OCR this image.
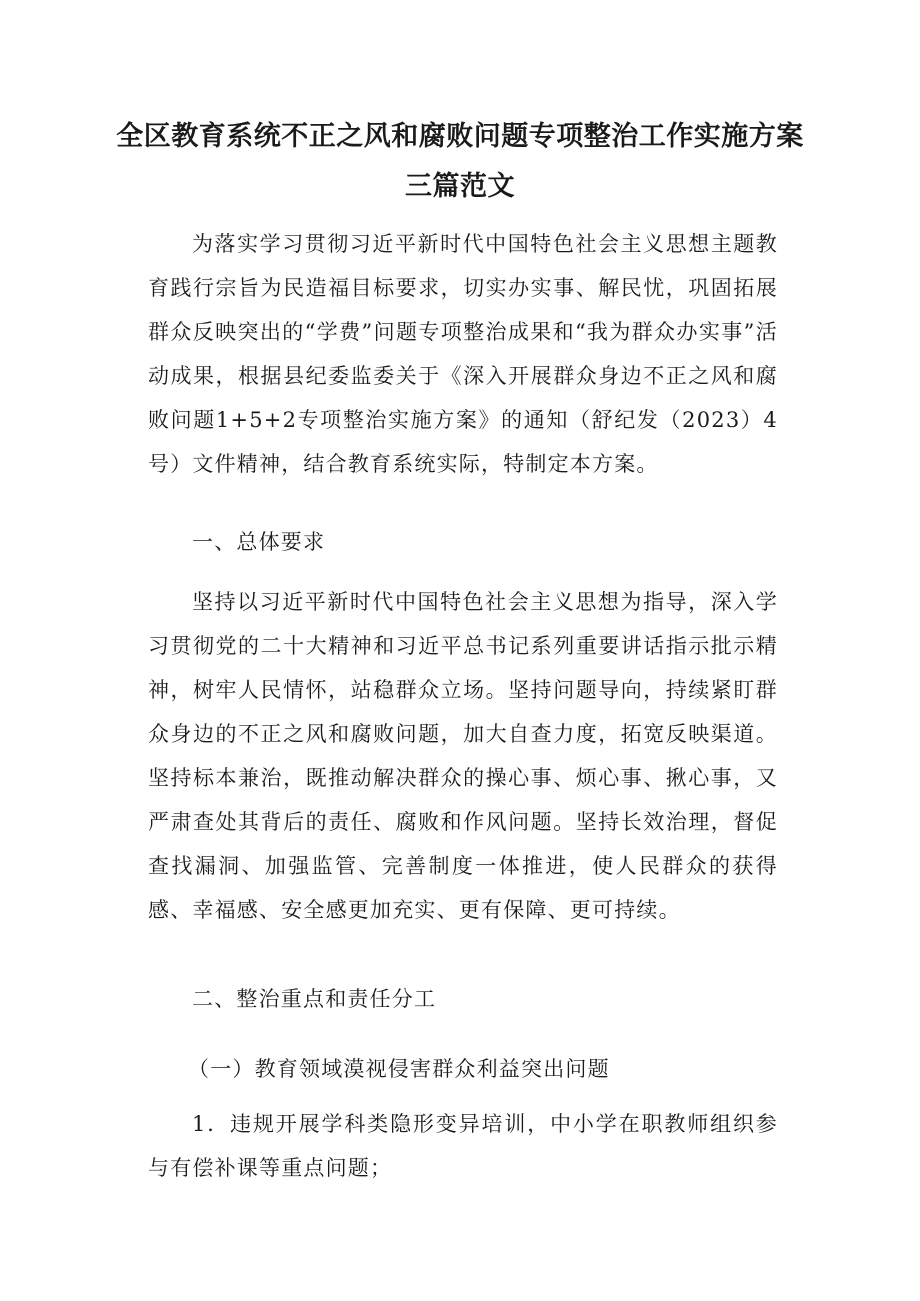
全区教育系统不正之风和腐败问题专项整治工作实施方案
三篇范文

为落实学习贯彻习近平新时代中国特色社会主义思想主题教育践行宗旨为民造福目标要求，切实办实事、解民忧，巩固拓展群众反映突出的“学费”问题专项整治成果和“我为群众办实事”活动成果，根据县纪委监委关于《深入开展群众身边不正之风和腐败问题1+5+2专项整治实施方案》的通知（舒纪发（2023）4号）文件精神，结合教育系统实际，特制定本方案。

一、总体要求

坚持以习近平新时代中国特色社会主义思想为指导，深入学习贯彻党的二十大精神和习近平总书记系列重要讲话指示批示精神，树牢人民情怀，站稳群众立场。坚持问题导向，持续紧盯群众身边的不正之风和腐败问题，加大自查力度，拓宽反映渠道。坚持标本兼治，既推动解决群众的操心事、烦心事、揪心事，又严肃查处其背后的责任、腐败和作风问题。坚持长效治理，督促查找漏洞、加强监管、完善制度一体推进，使人民群众的获得感、幸福感、安全感更加充实、更有保障、更可持续。

二、整治重点和责任分工

（一）教育领域漠视侵害群众利益突出问题

1．违规开展学科类隐形变异培训，中小学在职教师组织参与有偿补课等重点问题；
